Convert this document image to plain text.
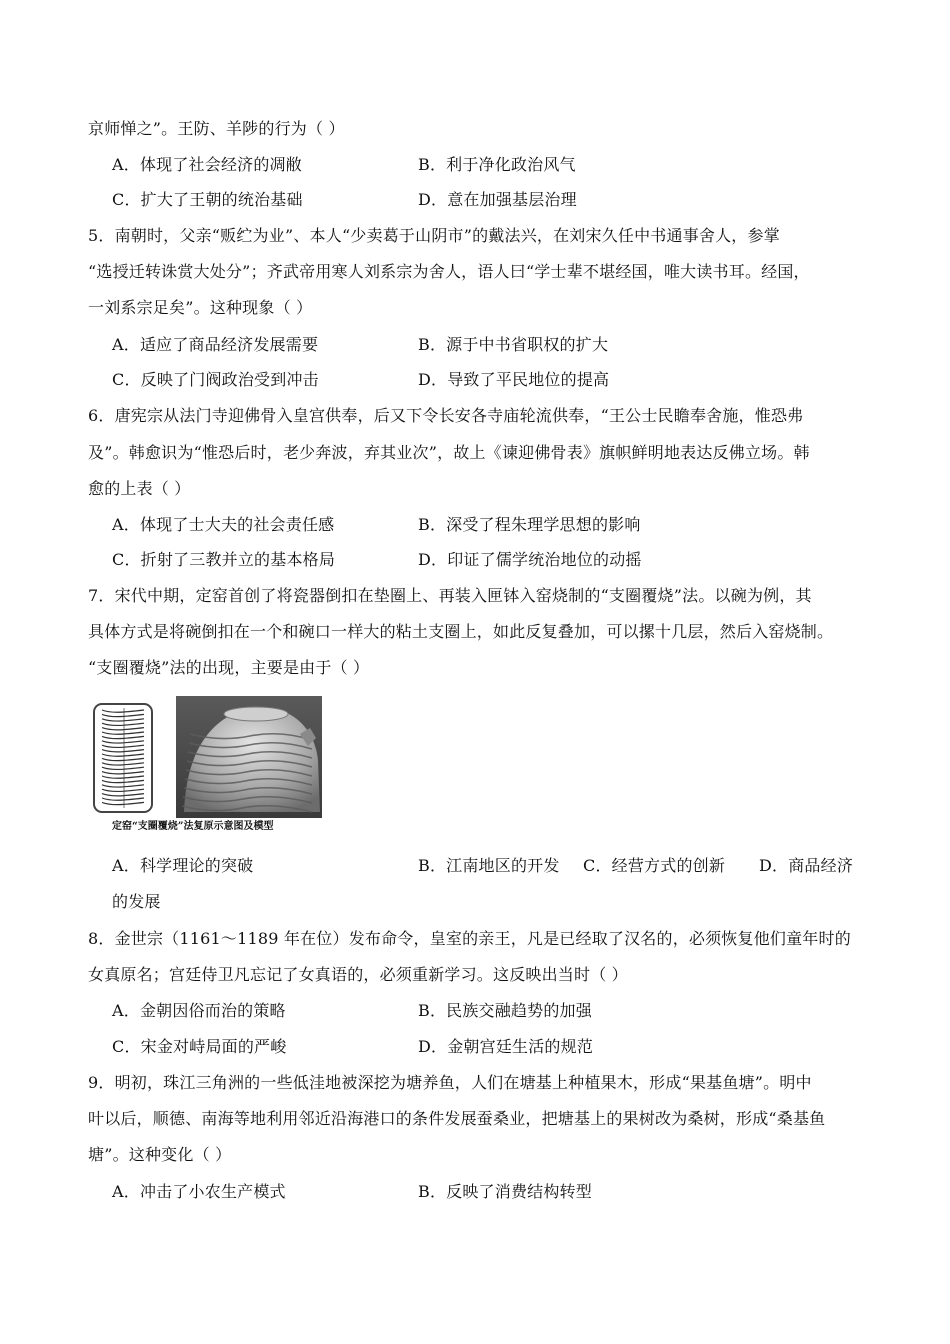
京师惮之”。王防、羊陟的行为（ ）
A．体现了社会经济的凋敝	B．利于净化政治风气
C．扩大了王朝的统治基础	D．意在加强基层治理
5．南朝时，父亲“贩纻为业”、本人“少卖葛于山阴市”的戴法兴，在刘宋久任中书通事舍人，参掌
“选授迁转诛赏大处分”；齐武帝用寒人刘系宗为舍人，语人曰“学士辈不堪经国，唯大读书耳。经国，
一刘系宗足矣”。这种现象（ ）
A．适应了商品经济发展需要	B．源于中书省职权的扩大
C．反映了门阀政治受到冲击	D．导致了平民地位的提高
6．唐宪宗从法门寺迎佛骨入皇宫供奉，后又下令长安各寺庙轮流供奉，“王公士民瞻奉舍施，惟恐弗
及”。韩愈识为“惟恐后时，老少奔波，弃其业次”，故上《谏迎佛骨表》旗帜鲜明地表达反佛立场。韩
愈的上表（ ）
A．体现了士大夫的社会责任感	B．深受了程朱理学思想的影响
C．折射了三教并立的基本格局	D．印证了儒学统治地位的动摇
7．宋代中期，定窑首创了将瓷器倒扣在垫圈上、再装入匣钵入窑烧制的“支圈覆烧”法。以碗为例，其
具体方式是将碗倒扣在一个和碗口一样大的粘土支圈上，如此反复叠加，可以摞十几层，然后入窑烧制。
“支圈覆烧”法的出现，主要是由于（ ）
定窑“支圈覆烧”法复原示意图及模型
A．科学理论的突破	B．江南地区的开发 C．经营方式的创新 D．商品经济
的发展
8．金世宗（1161～1189 年在位）发布命令，皇室的亲王，凡是已经取了汉名的，必须恢复他们童年时的
女真原名；宫廷侍卫凡忘记了女真语的，必须重新学习。这反映出当时（ ）
A．金朝因俗而治的策略	B．民族交融趋势的加强
C．宋金对峙局面的严峻	D．金朝宫廷生活的规范
9．明初，珠江三角洲的一些低洼地被深挖为塘养鱼，人们在塘基上种植果木，形成“果基鱼塘”。明中
叶以后，顺德、南海等地利用邻近沿海港口的条件发展蚕桑业，把塘基上的果树改为桑树，形成“桑基鱼
塘”。这种变化（ ）
A．冲击了小农生产模式	B．反映了消费结构转型
